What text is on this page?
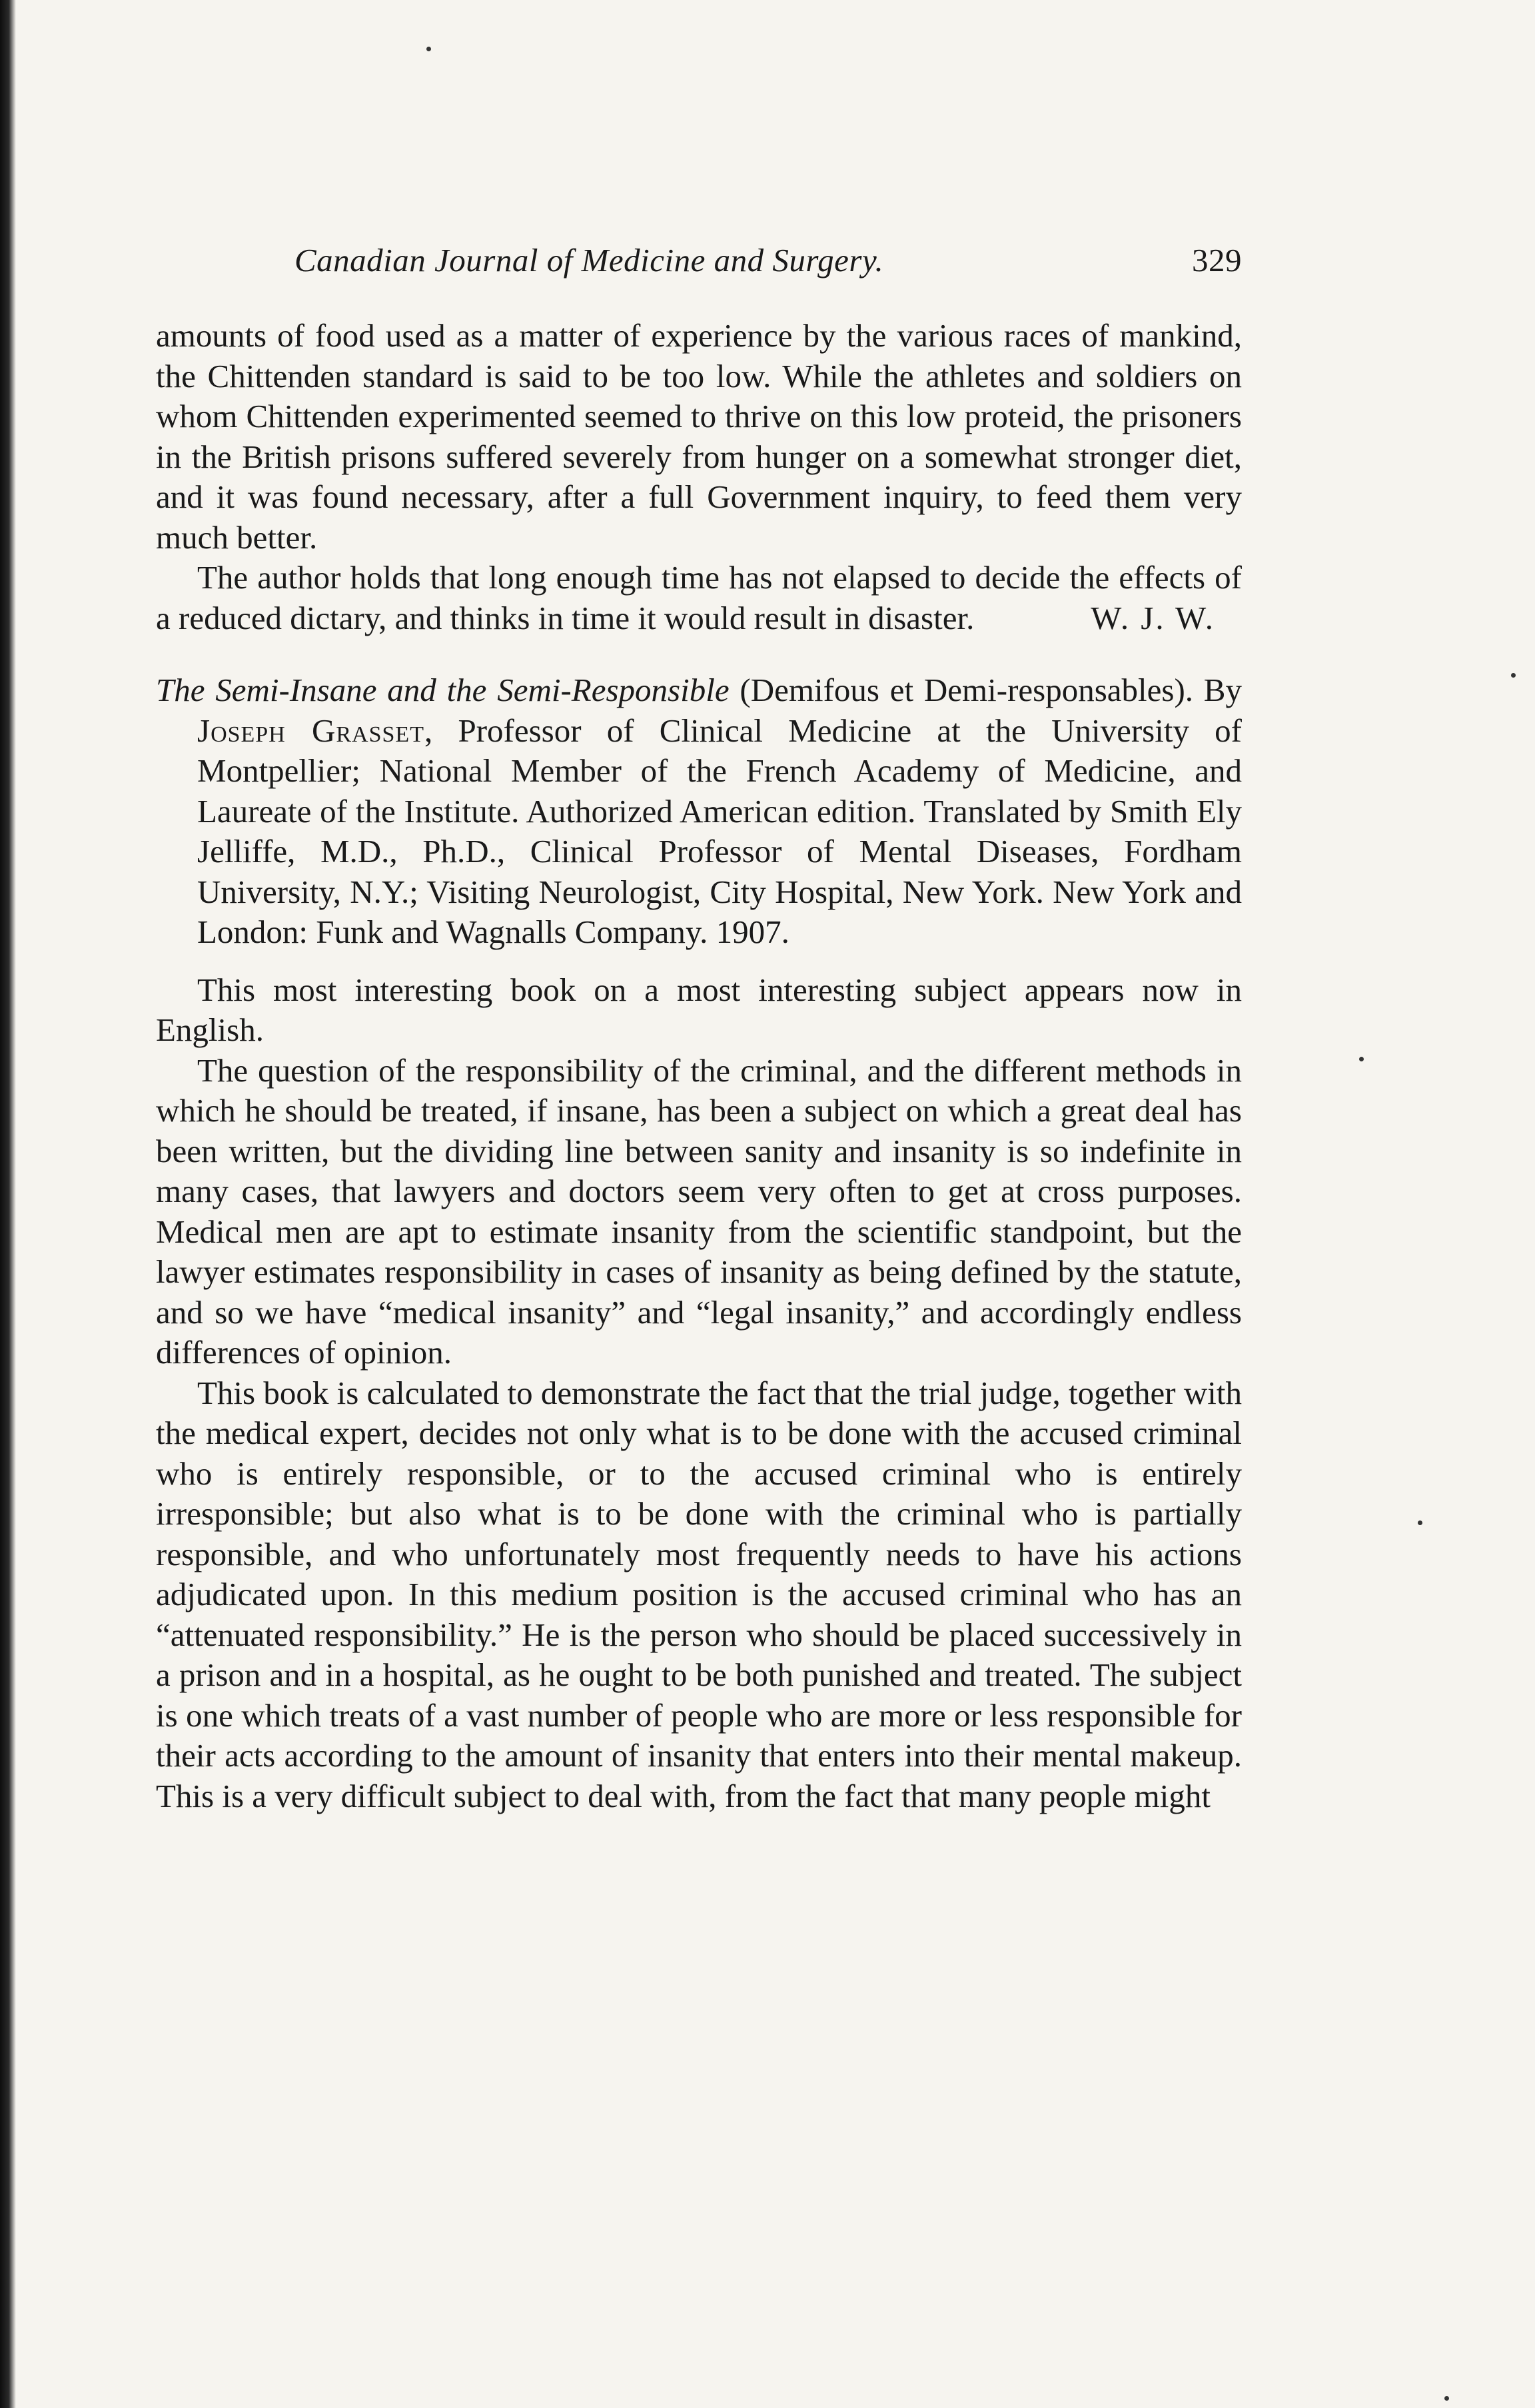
Canadian Journal of Medicine and Surgery.	329

amounts of food used as a matter of experience by the various races of mankind, the Chittenden standard is said to be too low. While the athletes and soldiers on whom Chittenden experimented seemed to thrive on this low proteid, the prisoners in the British prisons suffered severely from hunger on a somewhat stronger diet, and it was found necessary, after a full Government inquiry, to feed them very much better.

The author holds that long enough time has not elapsed to decide the effects of a reduced dictary, and thinks in time it would result in disaster.	W. J. W.

The Semi-Insane and the Semi-Responsible (Demifous et Demi-responsables). By Joseph Grasset, Professor of Clinical Medicine at the University of Montpellier; National Member of the French Academy of Medicine, and Laureate of the Institute. Authorized American edition. Translated by Smith Ely Jelliffe, M.D., Ph.D., Clinical Professor of Mental Diseases, Fordham University, N.Y.; Visiting Neurologist, City Hospital, New York. New York and London: Funk and Wagnalls Company. 1907.

This most interesting book on a most interesting subject appears now in English.

The question of the responsibility of the criminal, and the different methods in which he should be treated, if insane, has been a subject on which a great deal has been written, but the dividing line between sanity and insanity is so indefinite in many cases, that lawyers and doctors seem very often to get at cross purposes. Medical men are apt to estimate insanity from the scientific standpoint, but the lawyer estimates responsibility in cases of insanity as being defined by the statute, and so we have “medical insanity” and “legal insanity,” and accordingly endless differences of opinion.

This book is calculated to demonstrate the fact that the trial judge, together with the medical expert, decides not only what is to be done with the accused criminal who is entirely responsible, or to the accused criminal who is entirely irresponsible; but also what is to be done with the criminal who is partially responsible, and who unfortunately most frequently needs to have his actions adjudicated upon. In this medium position is the accused criminal who has an “attenuated responsibility.” He is the person who should be placed successively in a prison and in a hospital, as he ought to be both punished and treated. The subject is one which treats of a vast number of people who are more or less responsible for their acts according to the amount of insanity that enters into their mental makeup. This is a very difficult subject to deal with, from the fact that many people might
